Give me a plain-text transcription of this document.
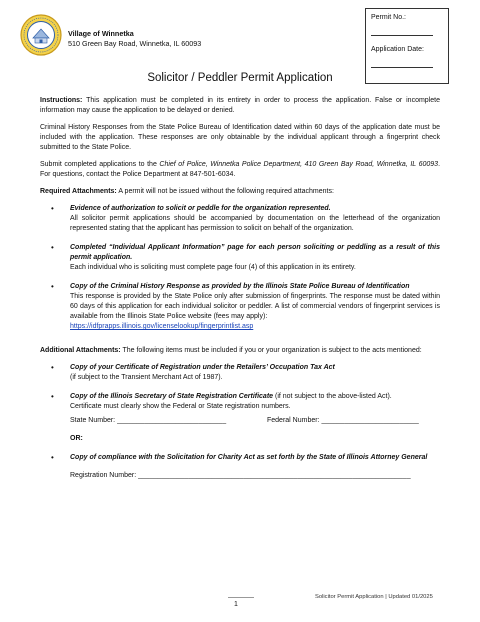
Village of Winnetka
510 Green Bay Road, Winnetka, IL 60093
Permit No.:
Application Date:
Solicitor / Peddler Permit Application

Instructions: This application must be completed in its entirety in order to process the application. False or incomplete information may cause the application to be delayed or denied.

Criminal History Responses from the State Police Bureau of Identification dated within 60 days of the application date must be included with the application. These responses are only obtainable by the individual applicant through a fingerprint check submitted to the State Police.

Submit completed applications to the Chief of Police, Winnetka Police Department, 410 Green Bay Road, Winnetka, IL 60093. For questions, contact the Police Department at 847-501-6034.

Required Attachments: A permit will not be issued without the following required attachments:

• Evidence of authorization to solicit or peddle for the organization represented.
All solicitor permit applications should be accompanied by documentation on the letterhead of the organization represented stating that the applicant has permission to solicit on behalf of the organization.
• Completed “Individual Applicant Information” page for each person soliciting or peddling as a result of this permit application.
Each individual who is soliciting must complete page four (4) of this application in its entirety.
• Copy of the Criminal History Response as provided by the Illinois State Police Bureau of Identification
This response is provided by the State Police only after submission of fingerprints. The response must be dated within 60 days of this application for each individual solicitor or peddler. A list of commercial vendors of fingerprint services is available from the Illinois State Police website (fees may apply):
https://idfprapps.illinois.gov/licenselookup/fingerprintlist.asp

Additional Attachments: The following items must be included if you or your organization is subject to the acts mentioned:

• Copy of your Certificate of Registration under the Retailers’ Occupation Tax Act
(if subject to the Transient Merchant Act of 1987).
• Copy of the Illinois Secretary of State Registration Certificate (if not subject to the above-listed Act).
Certificate must clearly show the Federal or State registration numbers.
State Number: ____________________________	Federal Number: _________________________
OR:
• Copy of compliance with the Solicitation for Charity Act as set forth by the State of Illinois Attorney General
Registration Number: ______________________________________________________________________
1
Solicitor Permit Application | Updated 01/2025
